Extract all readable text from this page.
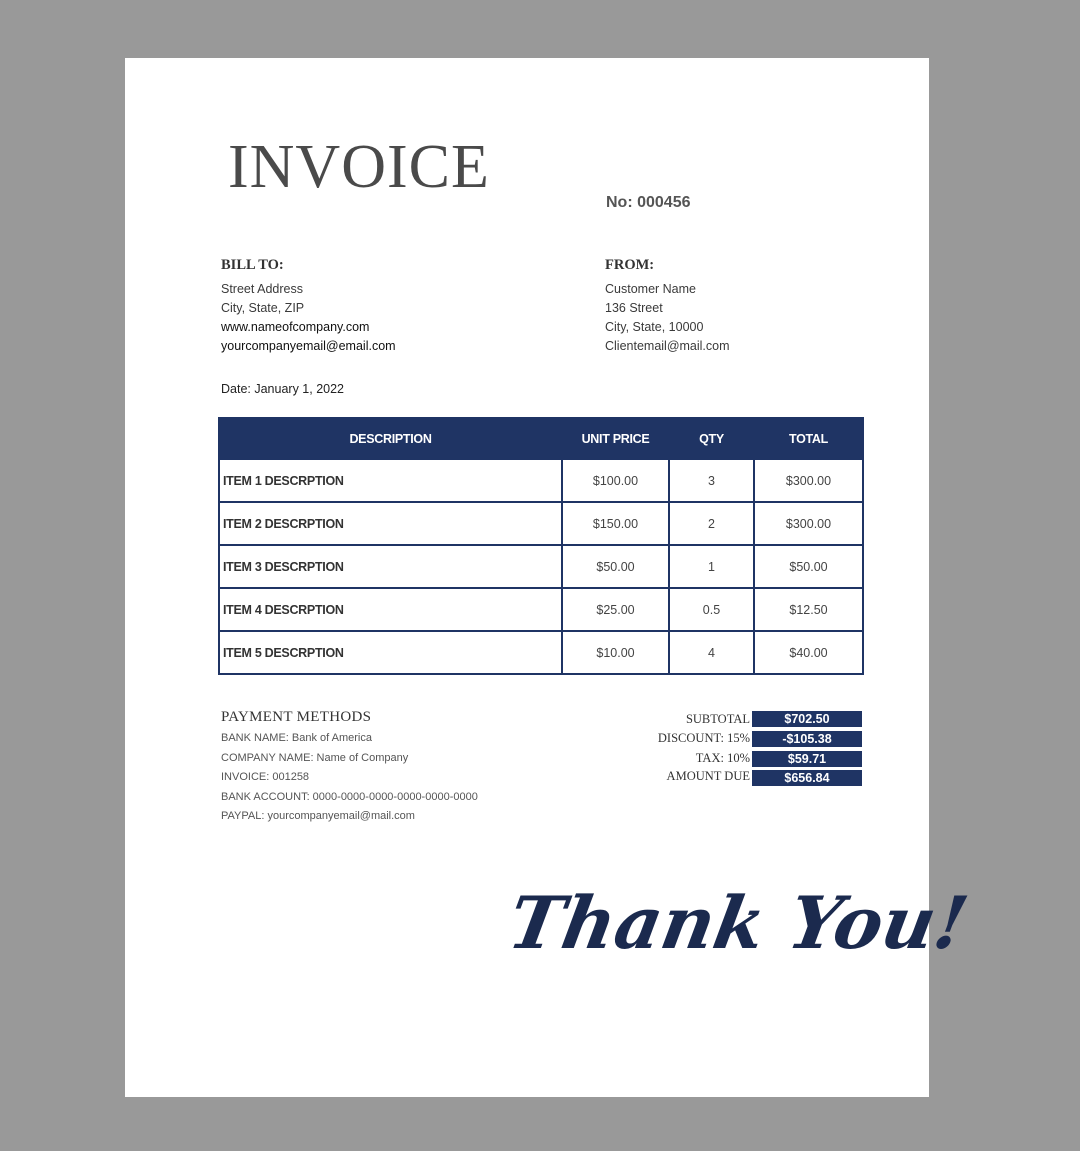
INVOICE
No: 000456
BILL TO:
Street Address
City, State, ZIP
www.nameofcompany.com
yourcompanyemail@email.com
FROM:
Customer Name
136 Street
City, State, 10000
Clientemail@mail.com
Date: January 1, 2022
DESCRIPTION	UNIT PRICE	QTY	TOTAL
ITEM 1 DESCRPTION	$100.00	3	$300.00
ITEM 2 DESCRPTION	$150.00	2	$300.00
ITEM 3 DESCRPTION	$50.00	1	$50.00
ITEM 4 DESCRPTION	$25.00	0.5	$12.50
ITEM 5 DESCRPTION	$10.00	4	$40.00
PAYMENT METHODS
BANK NAME: Bank of America
COMPANY NAME: Name of Company
INVOICE: 001258
BANK ACCOUNT: 0000-0000-0000-0000-0000-0000
PAYPAL: yourcompanyemail@mail.com
SUBTOTAL	$702.50
DISCOUNT: 15%	-$105.38
TAX: 10%	$59.71
AMOUNT DUE	$656.84
Thank You!
